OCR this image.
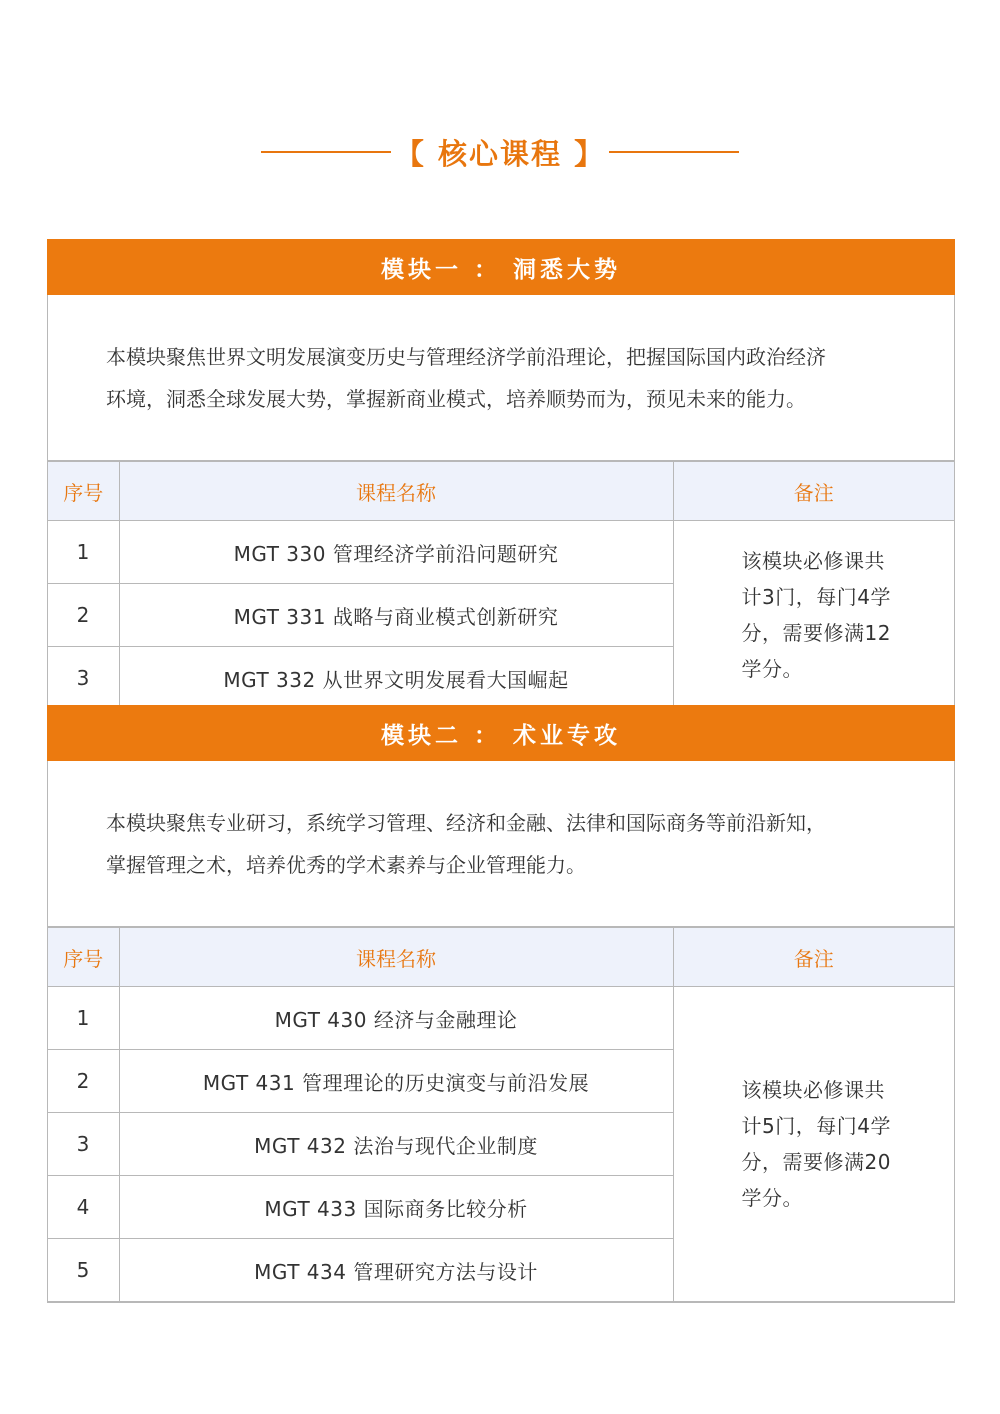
【 核心课程 】
模块一 ： 洞悉大势
本模块聚焦世界文明发展演变历史与管理经济学前沿理论，把握国际国内政治经济
环境，洞悉全球发展大势，掌握新商业模式，培养顺势而为，预见未来的能力。
序号	课程名称	备注
1	MGT 330 管理经济学前沿问题研究	该模块必修课共计3门，每门4学分，需要修满12学分。

2	MGT 331 战略与商业模式创新研究	
3	MGT 332 从世界文明发展看大国崛起	
模块二 ： 术业专攻
本模块聚焦专业研习，系统学习管理、经济和金融、法律和国际商务等前沿新知，
掌握管理之术，培养优秀的学术素养与企业管理能力。
序号	课程名称	备注
1	MGT 430 经济与金融理论	该模块必修课共计5门，每门4学分，需要修满20学分。

2	MGT 431 管理理论的历史演变与前沿发展	
3	MGT 432 法治与现代企业制度	
4	MGT 433 国际商务比较分析	
5	MGT 434 管理研究方法与设计	
